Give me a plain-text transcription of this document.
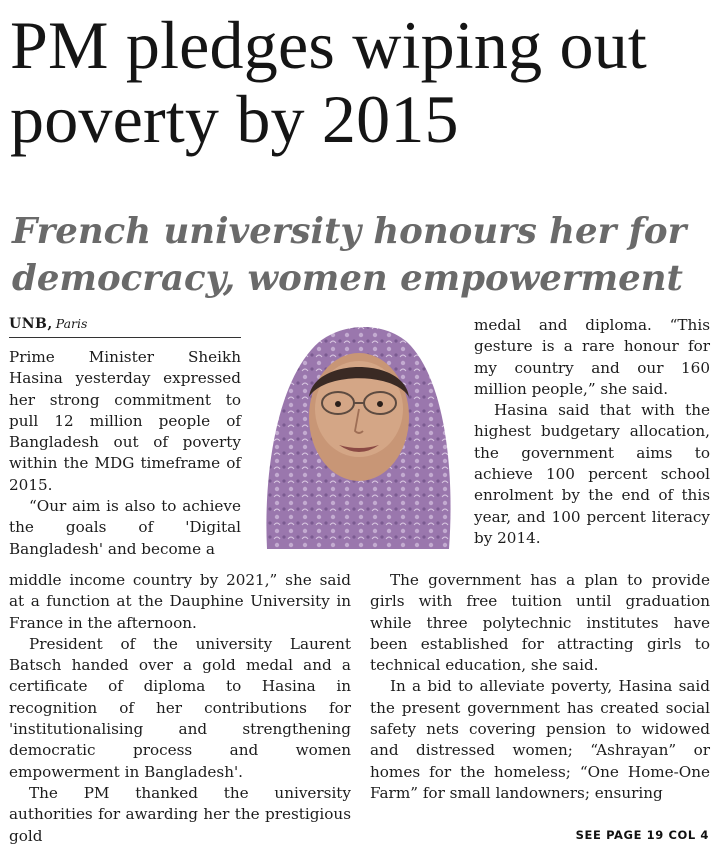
PM pledges wiping out poverty by 2015
French university honours her for democracy, women empowerment
UNB, Paris

Prime Minister Sheikh Hasina yesterday expressed her strong commitment to pull 12 million people of Bangladesh out of poverty within the MDG timeframe of 2015.

“Our aim is also to achieve the goals of 'Digital Bangladesh' and become a

middle income country by 2021,” she said at a function at the Dauphine University in France in the afternoon.

President of the university Laurent Batsch handed over a gold medal and a certificate of diploma to Hasina in recognition of her contributions for 'institutionalising and strengthening democratic process and women empowerment in Bangladesh'.

The PM thanked the university authorities for awarding her the prestigious gold

medal and diploma. “This gesture is a rare honour for my country and our 160 million people,” she said.

Hasina said that with the highest budgetary allocation, the government aims to achieve 100 percent school enrolment by the end of this year, and 100 percent literacy by 2014.

The government has a plan to provide girls with free tuition until graduation while three polytechnic institutes have been established for attracting girls to technical education, she said.

In a bid to alleviate poverty, Hasina said the present government has created social safety nets covering pension to widowed and distressed women; “Ashrayan” or homes for the homeless; “One Home-One Farm” for small landowners; ensuring

SEE PAGE 19 COL 4
